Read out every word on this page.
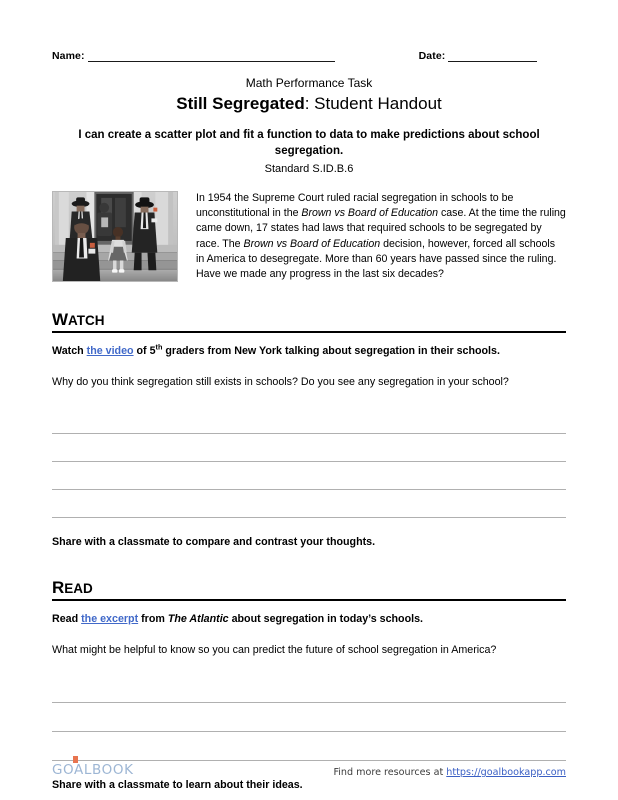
Name:	Date:
Math Performance Task
Still Segregated: Student Handout
I can create a scatter plot and fit a function to data to make predictions about school segregation.
Standard S.ID.B.6
In 1954 the Supreme Court ruled racial segregation in schools to be unconstitutional in the Brown vs Board of Education case. At the time the ruling came down, 17 states had laws that required schools to be segregated by race. The Brown vs Board of Education decision, however, forced all schools in America to desegregate. More than 60 years have passed since the ruling. Have we made any progress in the last six decades?
WATCH
Watch the video of 5th graders from New York talking about segregation in their schools.
Why do you think segregation still exists in schools? Do you see any segregation in your school?
Share with a classmate to compare and contrast your thoughts.
READ
Read the excerpt from The Atlantic about segregation in today’s schools.
What might be helpful to know so you can predict the future of school segregation in America?
Share with a classmate to learn about their ideas.
GOALBOOK	Find more resources at https://goalbookapp.com
